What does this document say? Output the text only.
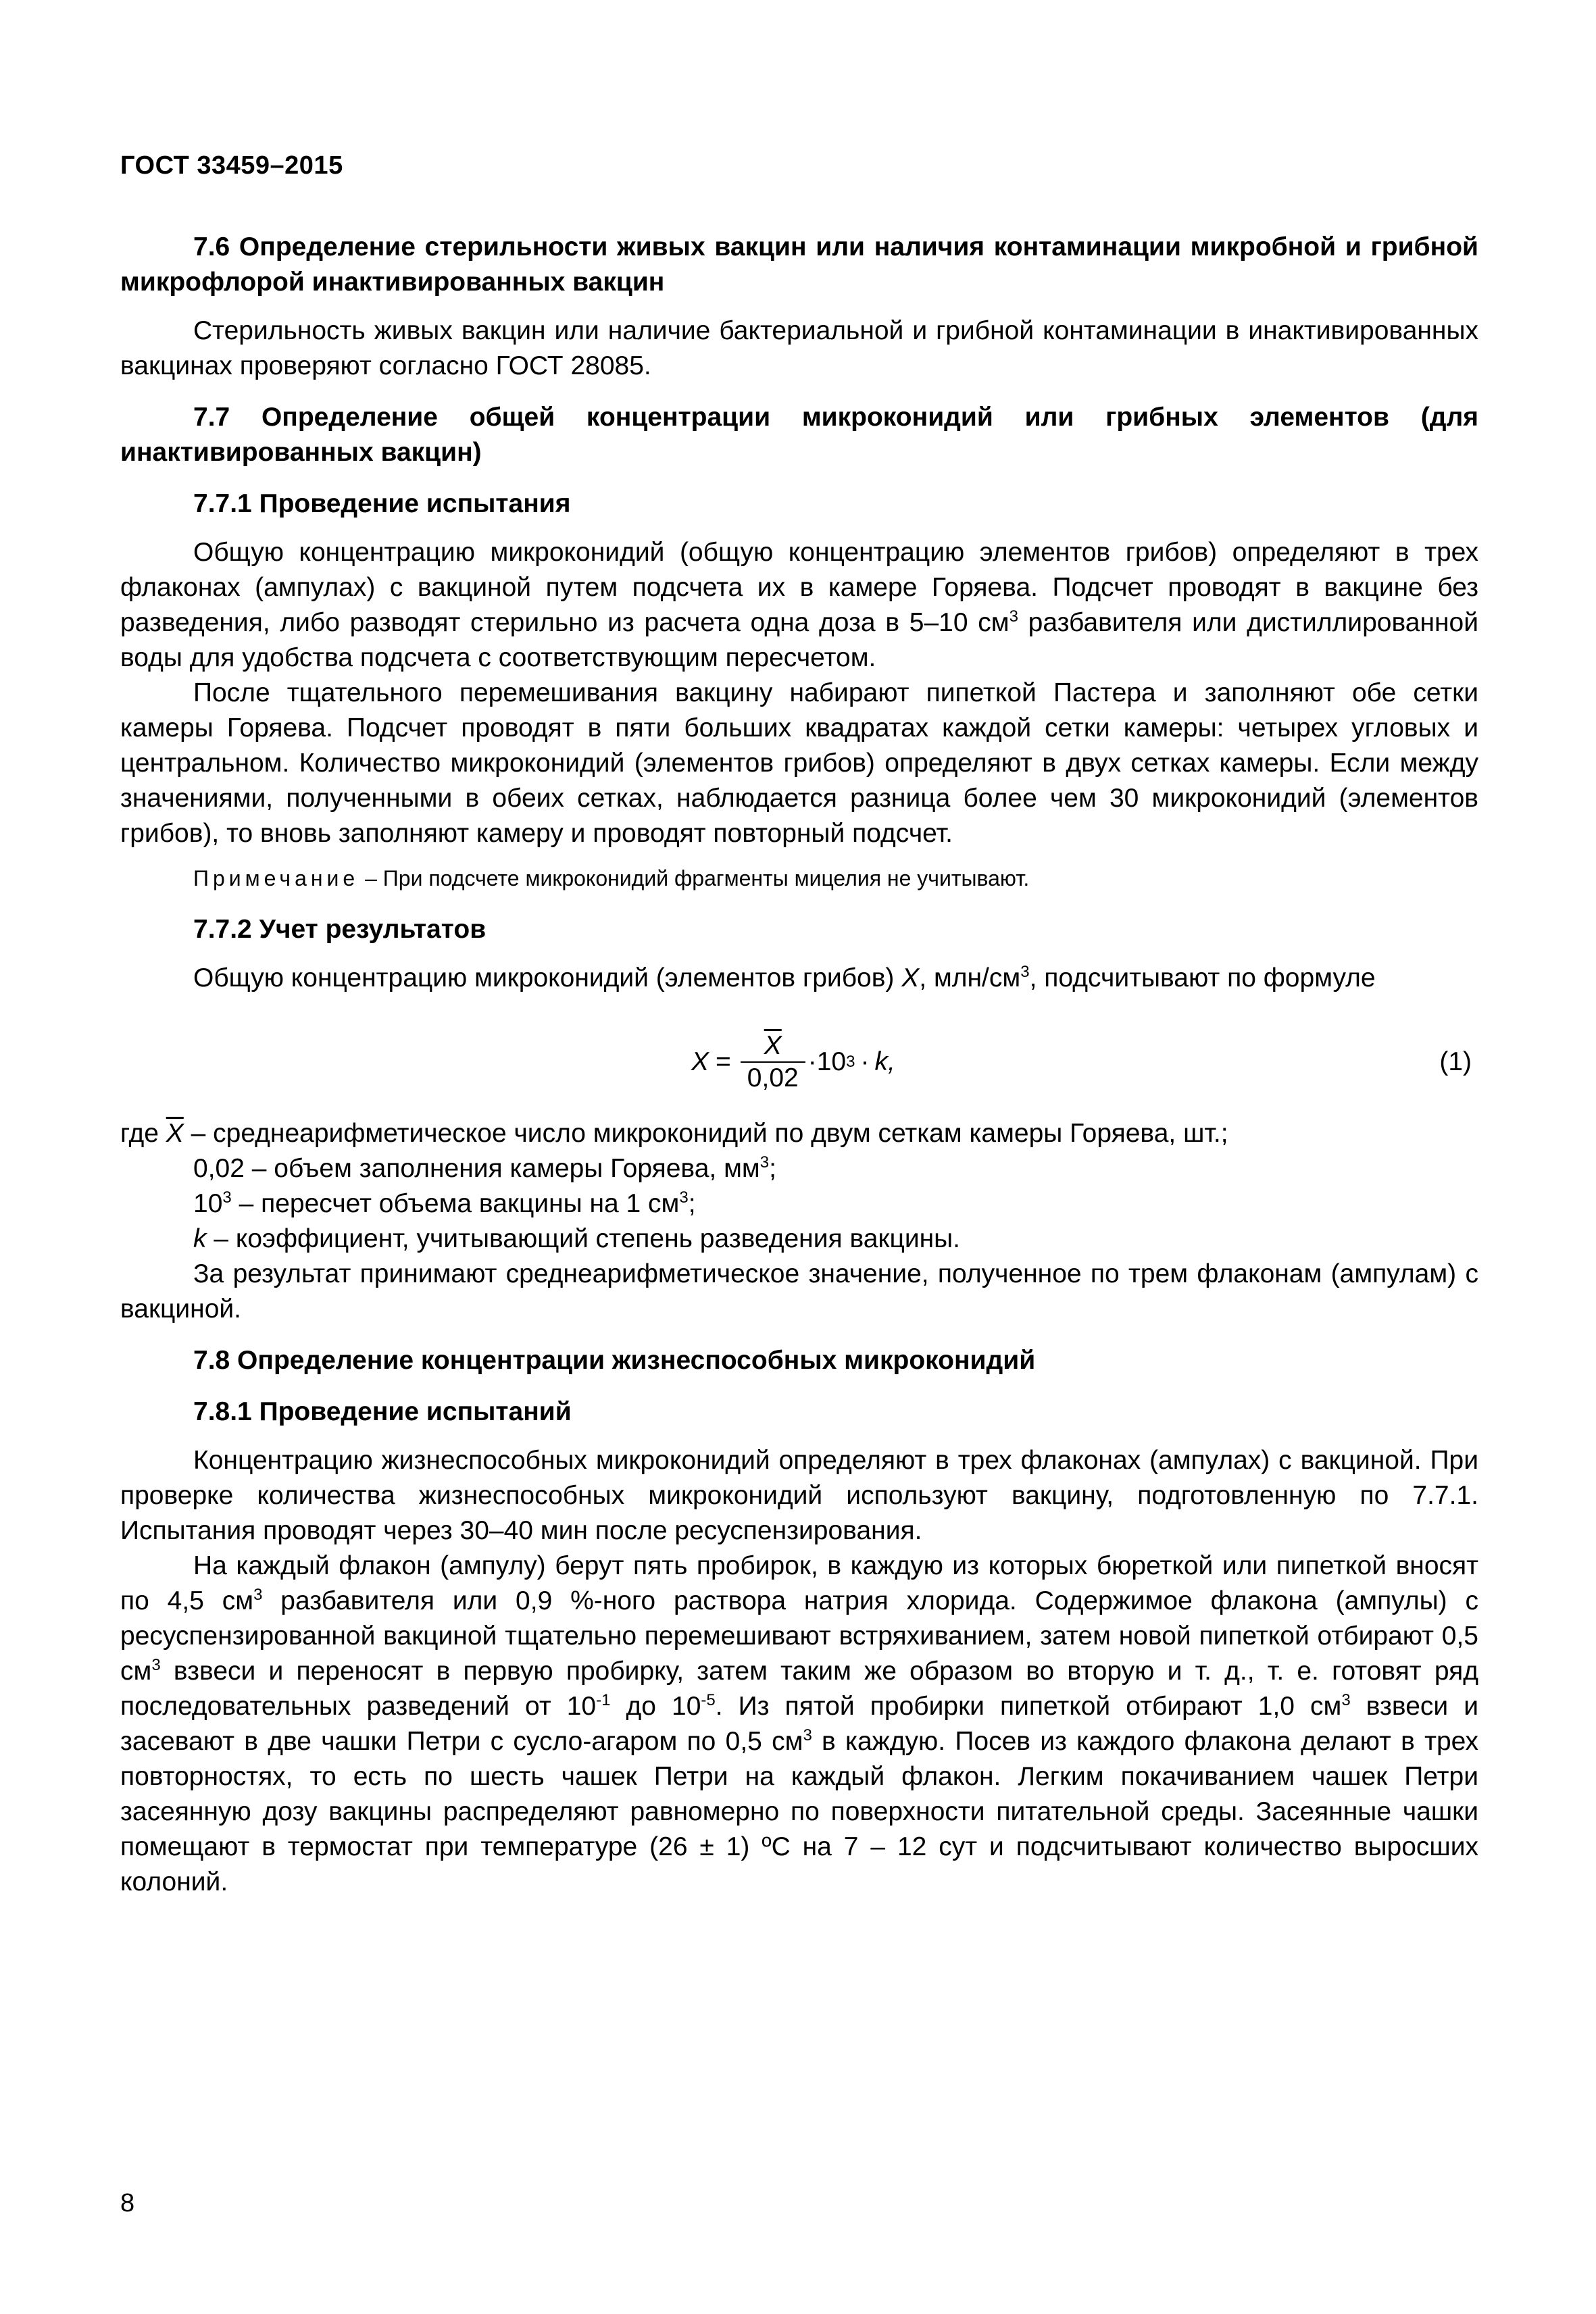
ГОСТ 33459–2015

7.6 Определение стерильности живых вакцин или наличия контаминации микробной и грибной микрофлорой инактивированных вакцин

Стерильность живых вакцин или наличие бактериальной и грибной контаминации в инактивированных вакцинах проверяют согласно ГОСТ 28085.

7.7 Определение общей концентрации микроконидий или грибных элементов (для инактивированных вакцин)

7.7.1 Проведение испытания

Общую концентрацию микроконидий (общую концентрацию элементов грибов) определяют в трех флаконах (ампулах) с вакциной путем подсчета их в камере Горяева. Подсчет проводят в вакцине без разведения, либо разводят стерильно из расчета одна доза в 5–10 $см^3$ разбавителя или дистиллированной воды для удобства подсчета с соответствующим пересчетом.

После тщательного перемешивания вакцину набирают пипеткой Пастера и заполняют обе сетки камеры Горяева. Подсчет проводят в пяти больших квадратах каждой сетки камеры: четырех угловых и центральном. Количество микроконидий (элементов грибов) определяют в двух сетках камеры. Если между значениями, полученными в обеих сетках, наблюдается разница более чем 30 микроконидий (элементов грибов), то вновь заполняют камеру и проводят повторный подсчет.

Примечание – При подсчете микроконидий фрагменты мицелия не учитывают.

7.7.2 Учет результатов

Общую концентрацию микроконидий (элементов грибов) X, млн/$см^3$, подсчитывают по формуле

$X = \frac{\overline{X}}{0,02} \cdot 10$ 3 · k ,	(1)

где $\overline{X}$ – среднеарифметическое число микроконидий по двум сеткам камеры Горяева, шт.;

0,02 – объем заполнения камеры Горяева, $мм^3$;

$10^3$ – пересчет объема вакцины на 1 $см^3$;

k – коэффициент, учитывающий степень разведения вакцины.

За результат принимают среднеарифметическое значение, полученное по трем флаконам (ампулам) с вакциной.

7.8 Определение концентрации жизнеспособных микроконидий

7.8.1 Проведение испытаний

Концентрацию жизнеспособных микроконидий определяют в трех флаконах (ампулах) с вакциной. При проверке количества жизнеспособных микроконидий используют вакцину, подготовленную по 7.7.1. Испытания проводят через 30–40 мин после ресуспензирования.

На каждый флакон (ампулу) берут пять пробирок, в каждую из которых бюреткой или пипеткой вносят по 4,5 $см^3$ разбавителя или 0,9 %-ного раствора натрия хлорида. Содержимое флакона (ампулы) с ресуспензированной вакциной тщательно перемешивают встряхиванием, затем новой пипеткой отбирают 0,5 $см^3$ взвеси и переносят в первую пробирку, затем таким же образом во вторую и т. д., т. е. готовят ряд последовательных разведений от $10^{-1}$ до $10^{-5}$. Из пятой пробирки пипеткой отбирают 1,0 $см^3$ взвеси и засевают в две чашки Петри с сусло-агаром по 0,5 $см^3$ в каждую. Посев из каждого флакона делают в трех повторностях, то есть по шесть чашек Петри на каждый флакон. Легким покачиванием чашек Петри засеянную дозу вакцины распределяют равномерно по поверхности питательной среды. Засеянные чашки помещают в термостат при температуре (26 ± 1) ºC на 7 – 12 сут и подсчитывают количество выросших колоний.

8
